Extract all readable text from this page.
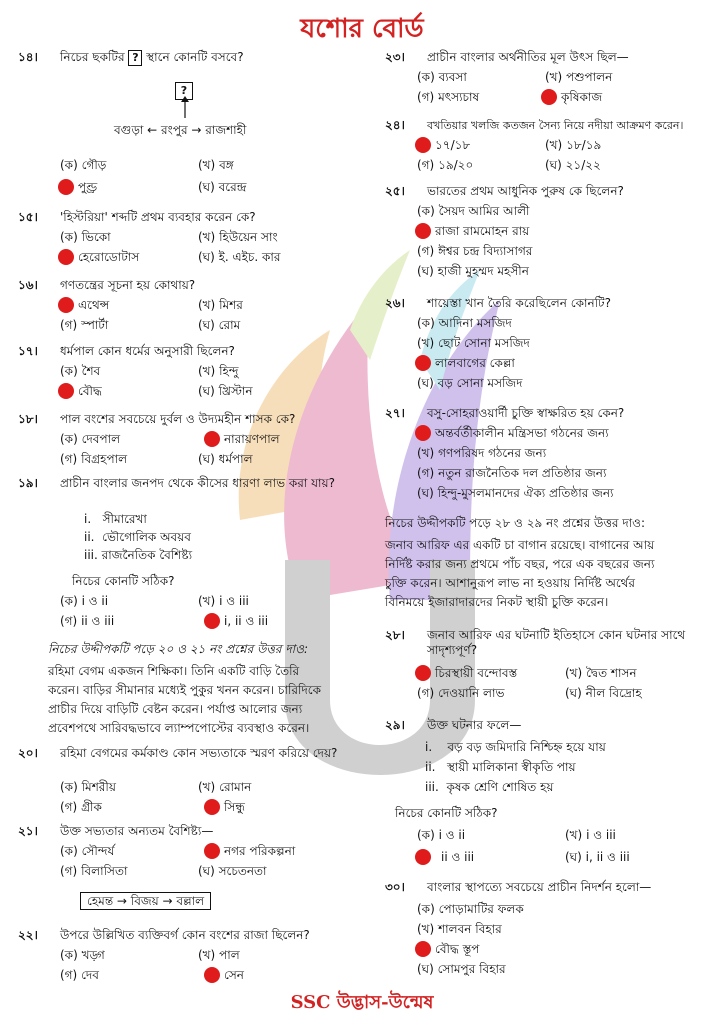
যশোর বোর্ড
১৪।	নিচের ছকটির ? স্থানে কোনটি বসবে?
?
বগুড়া ← রংপুর → রাজশাহী
(ক) গৌড়	(খ) বঙ্গ
পুণ্ড্র	(ঘ) বরেন্দ্র
১৫।	'হিস্টরিয়া' শব্দটি প্রথম ব্যবহার করেন কে?
(ক) ভিকো	(খ) হিউয়েন সাং
হেরোডোটাস	(ঘ) ই. এইচ. কার
১৬।	গণতন্ত্রের সূচনা হয় কোথায়?
এথেন্স	(খ) মিশর
(গ) স্পার্টা	(ঘ) রোম
১৭।	ধর্মপাল কোন ধর্মের অনুসারী ছিলেন?
(ক) শৈব	(খ) হিন্দু
বৌদ্ধ	(ঘ) খ্রিস্টান
১৮।	পাল বংশের সবচেয়ে দুর্বল ও উদ্যমহীন শাসক কে?
(ক) দেবপাল	নারায়ণপাল
(গ) বিগ্রহপাল	(ঘ) ধর্মপাল
১৯।	প্রাচীন বাংলার জনপদ থেকে কীসের ধারণা লাভ করা যায়?
i. সীমারেখা
ii. ভৌগোলিক অবয়ব
iii. রাজনৈতিক বৈশিষ্ট্য
নিচের কোনটি সঠিক?
(ক) i ও ii	(খ) i ও iii
(গ) ii ও iii	i, ii ও iii
নিচের উদ্দীপকটি পড়ে ২০ ও ২১ নং প্রশ্নের উত্তর দাও:
রহিমা বেগম একজন শিক্ষিকা। তিনি একটি বাড়ি তৈরি
করেন। বাড়ির সীমানার মধ্যেই পুকুর খনন করেন। চারিদিকে
প্রাচীর দিয়ে বাড়িটি বেষ্টন করেন। পর্যাপ্ত আলোর জন্য
প্রবেশপথে সারিবদ্ধভাবে ল্যাম্পপোস্টের ব্যবস্থাও করেন।
২০।	রহিমা বেগমের কর্মকাণ্ড কোন সভ্যতাকে স্মরণ করিয়ে দেয়?
(ক) মিশরীয়	(খ) রোমান
(গ) গ্রীক	সিন্ধু
২১।	উক্ত সভ্যতার অন্যতম বৈশিষ্ট্য—
(ক) সৌন্দর্য	নগর পরিকল্পনা
(গ) বিলাসিতা	(ঘ) সচেতনতা
হেমন্ত → বিজয় → বল্লাল
২২।	উপরে উল্লিখিত ব্যক্তিবর্গ কোন বংশের রাজা ছিলেন?
(ক) খড়্গ	(খ) পাল
(গ) দেব	সেন
২৩।	প্রাচীন বাংলার অর্থনীতির মূল উৎস ছিল—
(ক) ব্যবসা	(খ) পশুপালন
(গ) মৎস্যচাষ	কৃষিকাজ
২৪।	বখতিয়ার খলজি কতজন সৈন্য নিয়ে নদীয়া আক্রমণ করেন।
১৭/১৮	(খ) ১৮/১৯
(গ) ১৯/২০	(ঘ) ২১/২২
২৫।	ভারতের প্রথম আধুনিক পুরুষ কে ছিলেন?
(ক) সৈয়দ আমির আলী
রাজা রামমোহন রায়
(গ) ঈশ্বর চন্দ্র বিদ্যাসাগর
(ঘ) হাজী মুহম্মদ মহসীন
২৬।	শায়েস্তা খান তৈরি করেছিলেন কোনটি?
(ক) আদিনা মসজিদ
(খ) ছোট সোনা মসজিদ
লালবাগের কেল্লা
(ঘ) বড় সোনা মসজিদ
২৭।	বসু-সোহরাওয়ার্দী চুক্তি স্বাক্ষরিত হয় কেন?
অন্তর্বর্তীকালীন মন্ত্রিসভা গঠনের জন্য
(খ) গণপরিষদ গঠনের জন্য
(গ) নতুন রাজনৈতিক দল প্রতিষ্ঠার জন্য
(ঘ) হিন্দু-মুসলমানদের ঐক্য প্রতিষ্ঠার জন্য
নিচের উদ্দীপকটি পড়ে ২৮ ও ২৯ নং প্রশ্নের উত্তর দাও:
জনাব আরিফ এর একটি চা বাগান রয়েছে। বাগানের আয়
নির্দিষ্ট করার জন্য প্রথমে পাঁচ বছর, পরে এক বছরের জন্য
চুক্তি করেন। আশানুরূপ লাভ না হওয়ায় নির্দিষ্ট অর্থের
বিনিময়ে ইজারাদারদের নিকট স্থায়ী চুক্তি করেন।
২৮।	জনাব আরিফ এর ঘটনাটি ইতিহাসে কোন ঘটনার সাথে সাদৃশ্যপূর্ণ?
চিরস্থায়ী বন্দোবস্ত	(খ) দ্বৈত শাসন
(গ) দেওয়ানি লাভ	(ঘ) নীল বিদ্রোহ
২৯।	উক্ত ঘটনার ফলে—
i. বড় বড় জমিদারি নিশ্চিহ্ন হয়ে যায়
ii. স্থায়ী মালিকানা স্বীকৃতি পায়
iii. কৃষক শ্রেণি শোষিত হয়
নিচের কোনটি সঠিক?
(ক) i ও ii	(খ) i ও iii
ii ও iii	(ঘ) i, ii ও iii
৩০।	বাংলার স্থাপত্যে সবচেয়ে প্রাচীন নিদর্শন হলো—
(ক) পোড়ামাটির ফলক
(খ) শালবন বিহার
বৌদ্ধ স্তূপ
(ঘ) সোমপুর বিহার
SSC উদ্ভাস-উন্মেষ
